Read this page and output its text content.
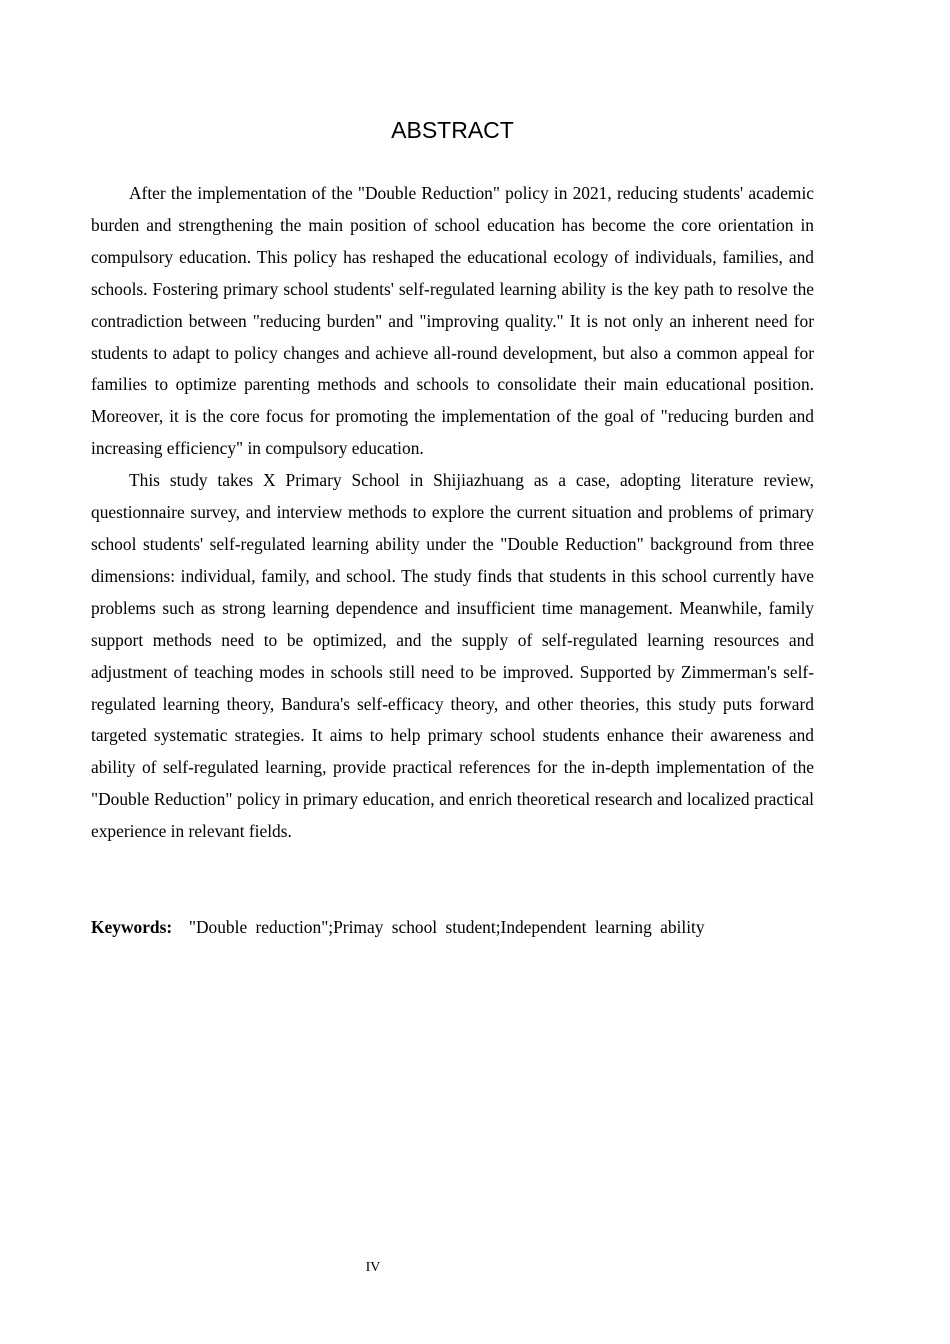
ABSTRACT

After the implementation of the "Double Reduction" policy in 2021, reducing students' academic burden and strengthening the main position of school education has become the core orientation in compulsory education. This policy has reshaped the educational ecology of individuals, families, and schools. Fostering primary school students' self-regulated learning ability is the key path to resolve the contradiction between "reducing burden" and "improving quality." It is not only an inherent need for students to adapt to policy changes and achieve all-round development, but also a common appeal for families to optimize parenting methods and schools to consolidate their main educational position. Moreover, it is the core focus for promoting the implementation of the goal of "reducing burden and increasing efficiency" in compulsory education.

This study takes X Primary School in Shijiazhuang as a case, adopting literature review, questionnaire survey, and interview methods to explore the current situation and problems of primary school students' self-regulated learning ability under the "Double Reduction" background from three dimensions: individual, family, and school. The study finds that students in this school currently have problems such as strong learning dependence and insufficient time management. Meanwhile, family support methods need to be optimized, and the supply of self-regulated learning resources and adjustment of teaching modes in schools still need to be improved. Supported by Zimmerman's self-regulated learning theory, Bandura's self-efficacy theory, and other theories, this study puts forward targeted systematic strategies. It aims to help primary school students enhance their awareness and ability of self-regulated learning, provide practical references for the in-depth implementation of the "Double Reduction" policy in primary education, and enrich theoretical research and localized practical experience in relevant fields.

Keywords: "Double reduction";Primay school student;Independent learning ability
IV
